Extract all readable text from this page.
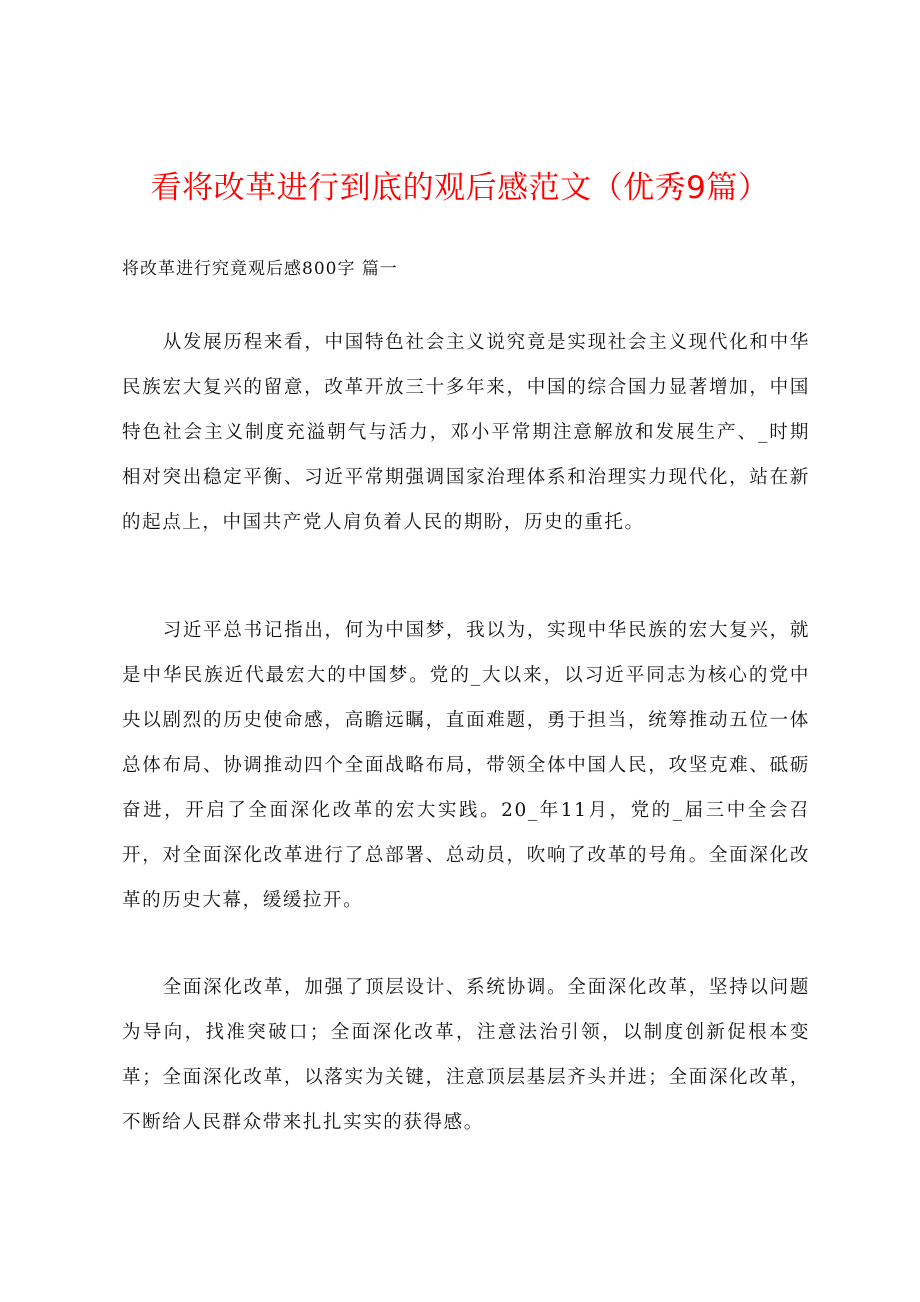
看将改革进行到底的观后感范文（优秀9篇）

将改革进行究竟观后感800字 篇一

从发展历程来看，中国特色社会主义说究竟是实现社会主义现代化和中华民族宏大复兴的留意，改革开放三十多年来，中国的综合国力显著增加，中国特色社会主义制度充溢朝气与活力，邓小平常期注意解放和发展生产、_时期相对突出稳定平衡、习近平常期强调国家治理体系和治理实力现代化，站在新的起点上，中国共产党人肩负着人民的期盼，历史的重托。

习近平总书记指出，何为中国梦，我以为，实现中华民族的宏大复兴，就是中华民族近代最宏大的中国梦。党的_大以来，以习近平同志为核心的党中央以剧烈的历史使命感，高瞻远瞩，直面难题，勇于担当，统筹推动五位一体总体布局、协调推动四个全面战略布局，带领全体中国人民，攻坚克难、砥砺奋进，开启了全面深化改革的宏大实践。20_年11月，党的_届三中全会召开，对全面深化改革进行了总部署、总动员，吹响了改革的号角。全面深化改革的历史大幕，缓缓拉开。

全面深化改革，加强了顶层设计、系统协调。全面深化改革，坚持以问题为导向，找准突破口；全面深化改革，注意法治引领，以制度创新促根本变革；全面深化改革，以落实为关键，注意顶层基层齐头并进；全面深化改革，不断给人民群众带来扎扎实实的获得感。
